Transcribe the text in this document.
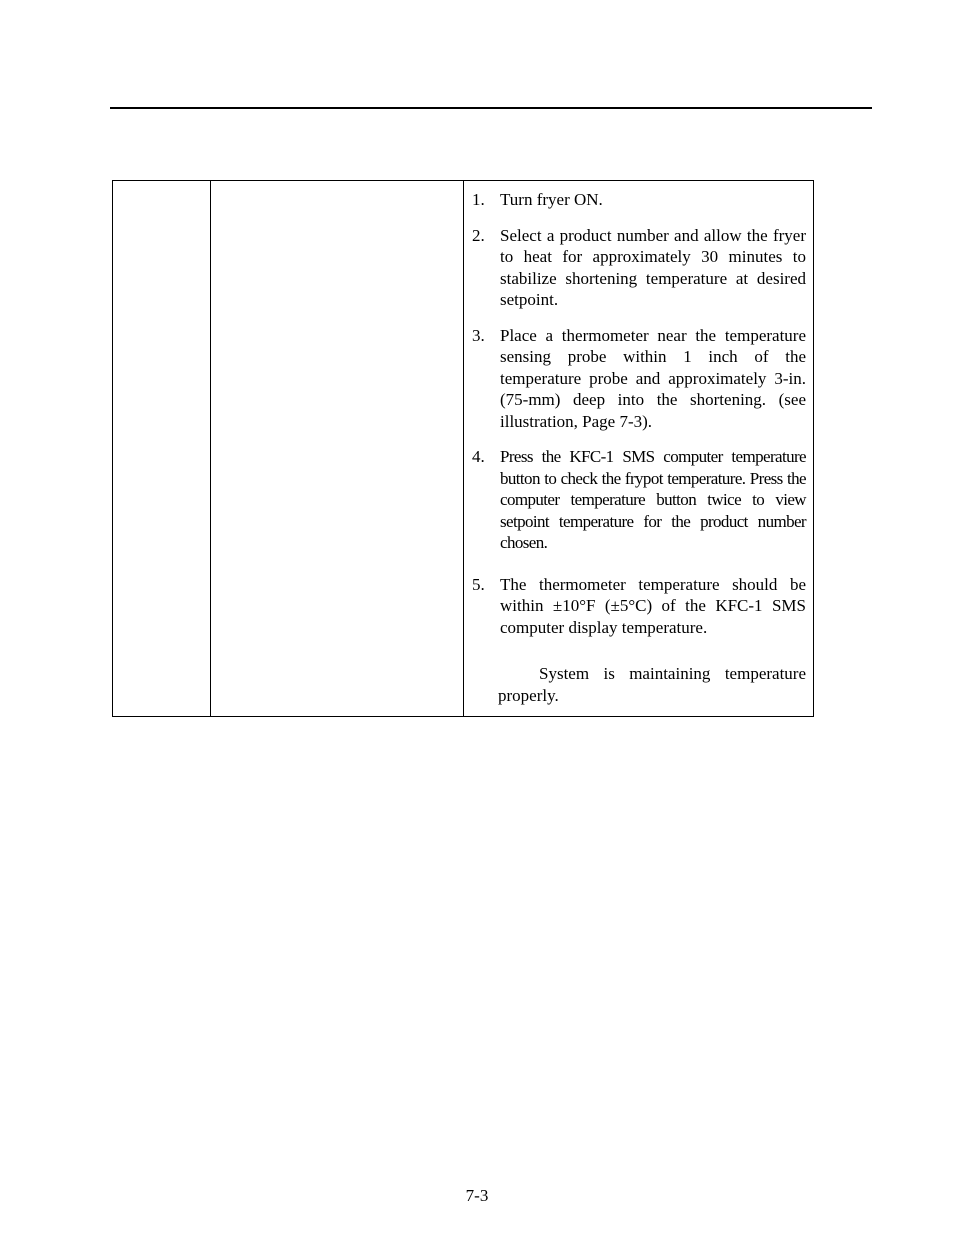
1. Turn fryer ON.
2. Select a product number and allow the fryer to heat for approximately 30 minutes to stabilize shortening temperature at desired setpoint.
3. Place a thermometer near the temperature sensing probe within 1 inch of the temperature probe and approximately 3-in. (75-mm) deep into the shortening. (see illustration, Page 7-3).
4. Press the KFC-1 SMS computer temperature button to check the frypot temperature. Press the computer temperature button twice to view setpoint temperature for the product number chosen.
5. The thermometer temperature should be within ±10°F (±5°C) of the KFC-1 SMS computer display temperature.
System is maintaining temperature properly.
7-3
